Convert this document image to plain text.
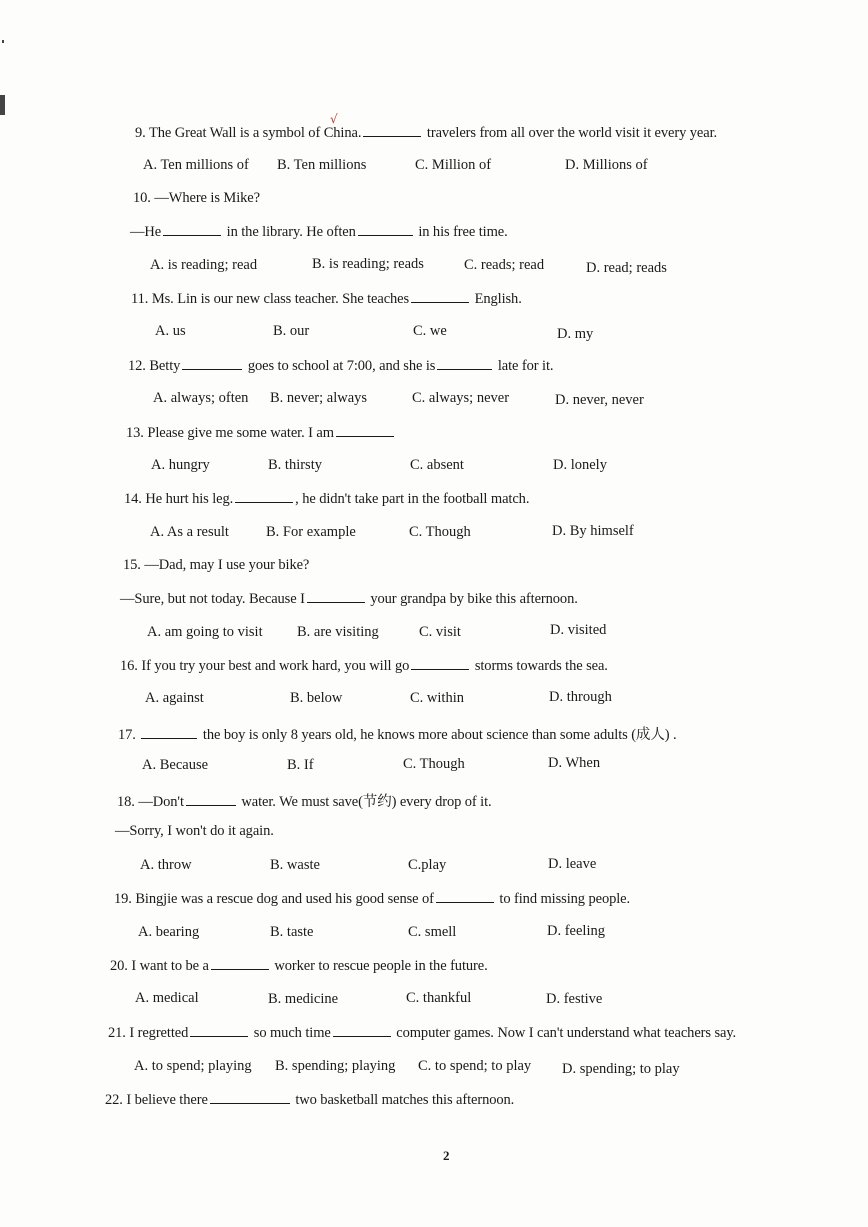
9. The Great Wall is a symbol of China.	travelers from all over the world visit it every year.
√
A. Ten millions of B. Ten millions	C. Million of	D. Millions of
10. —Where is Mike?
—He	in the library. He often	in his free time.
A. is reading; read	B. is reading; reads	C. reads; read	D. read; reads
11. Ms. Lin is our new class teacher. She teaches	English.
A. us	B. our	C. we	D. my
12. Betty	goes to school at 7:00, and she is	late for it.
A. always; often B. never; always	C. always; never	D. never, never
13. Please give me some water. I am
A. hungry	B. thirsty	C. absent	D. lonely
14. He hurt his leg.	, he didn't take part in the football match.
A. As a result	B. For example	C. Though	D. By himself
15. —Dad, may I use your bike?
—Sure, but not today. Because I	your grandpa by bike this afternoon.
A. am going to visit B. are visiting	C. visit	D. visited
16. If you try your best and work hard, you will go	storms towards the sea.
A. against	B. below	C. within	D. through
17.	the boy is only 8 years old, he knows more about science than some adults (成人) .
A. Because	B. If	C. Though	D. When
18. —Don't	water. We must save(节约) every drop of it.
—Sorry, I won't do it again.
A. throw	B. waste	C.play	D. leave
19. Bingjie was a rescue dog and used his good sense of	to find missing people.
A. bearing	B. taste	C. smell	D. feeling
20. I want to be a	worker to rescue people in the future.
A. medical	B. medicine	C. thankful	D. festive
21. I regretted	so much time	computer games. Now I can't understand what teachers say.
A. to spend; playing B. spending; playing C. to spend; to play D. spending; to play
22. I believe there	two basketball matches this afternoon.
2
